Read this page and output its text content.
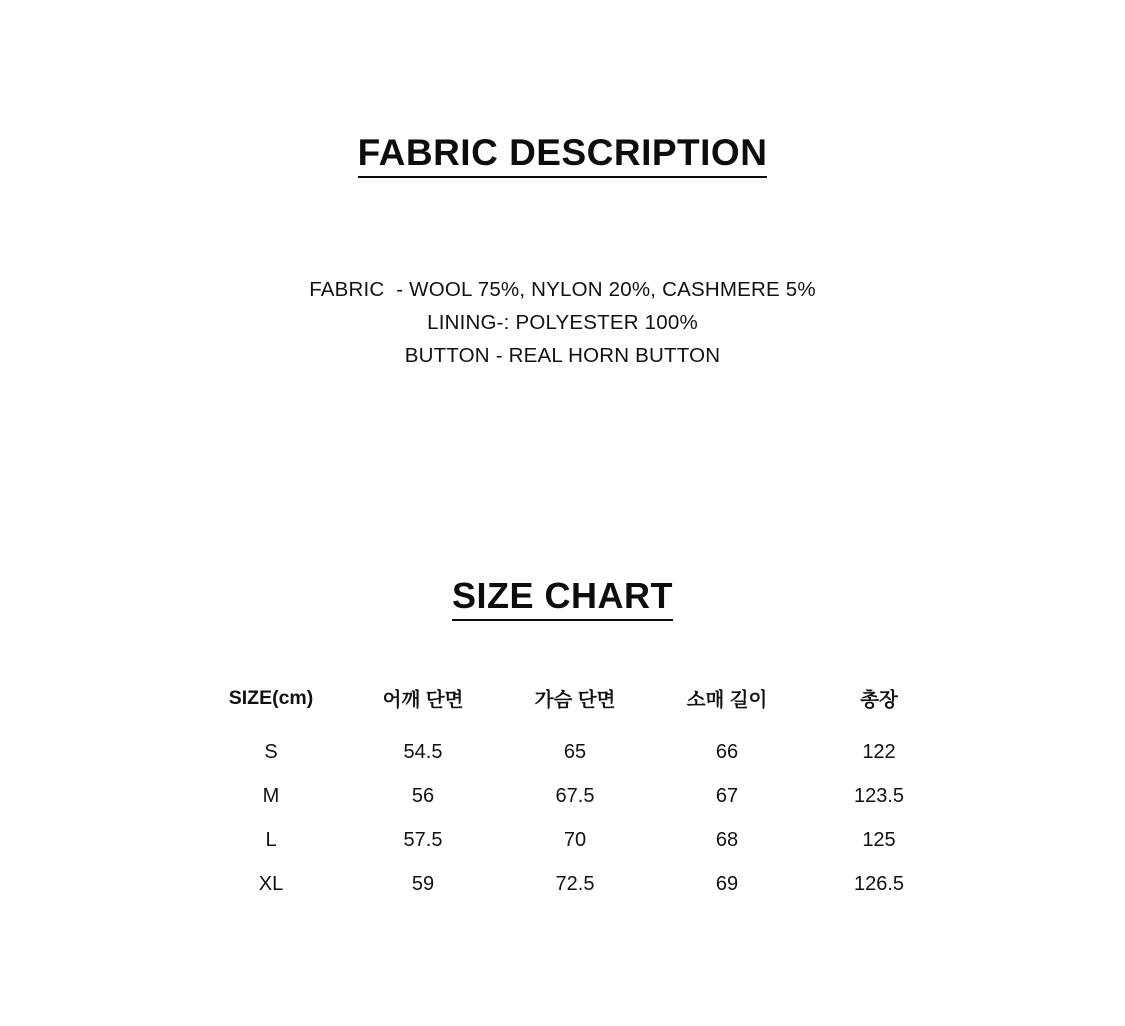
FABRIC DESCRIPTION
FABRIC  - WOOL 75%, NYLON 20%, CASHMERE 5%
LINING-: POLYESTER 100%
BUTTON - REAL HORN BUTTON
SIZE CHART
SIZE(cm)	어깨 단면	가슴 단면	소매 길이	총장
S	54.5	65	66	122
M	56	67.5	67	123.5
L	57.5	70	68	125
XL	59	72.5	69	126.5
